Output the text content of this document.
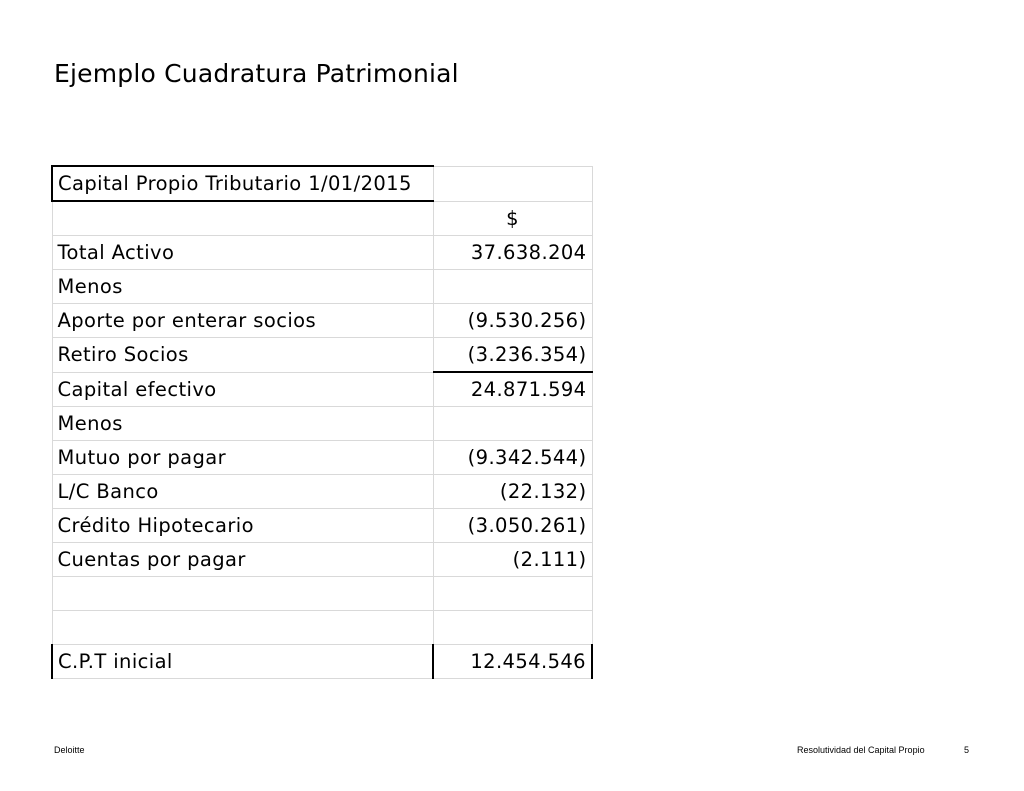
Ejemplo Cuadratura Patrimonial
Capital Propio Tributario 1/01/2015	
	$
Total Activo	37.638.204
Menos	
Aporte por enterar socios	(9.530.256)
Retiro Socios	(3.236.354)
Capital efectivo	24.871.594
Menos	
Mutuo por pagar	(9.342.544)
L/C Banco	(22.132)
Crédito Hipotecario	(3.050.261)
Cuentas por pagar	(2.111)

C.P.T inicial	12.454.546
Deloitte	Resolutividad del Capital Propio	5
